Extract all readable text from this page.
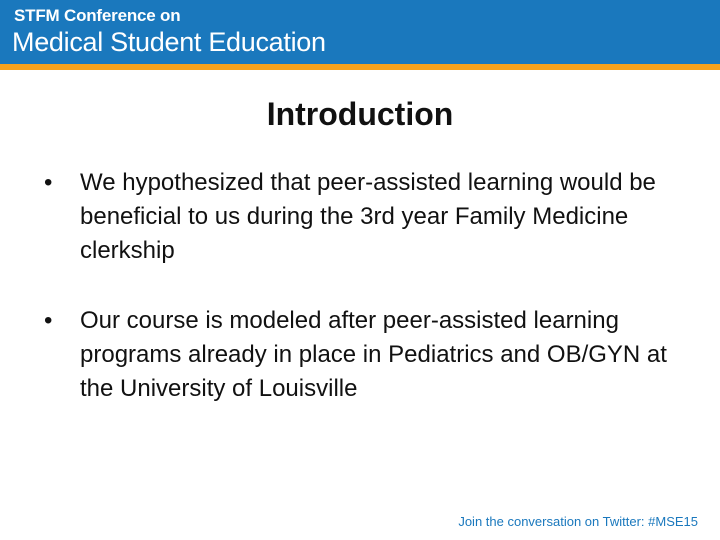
STFM Conference on
Medical Student Education
Introduction
• We hypothesized that peer-assisted learning would be beneficial to us during the 3rd year Family Medicine clerkship
• Our course is modeled after peer-assisted learning programs already in place in Pediatrics and OB/GYN at the University of Louisville
Join the conversation on Twitter: #MSE15
